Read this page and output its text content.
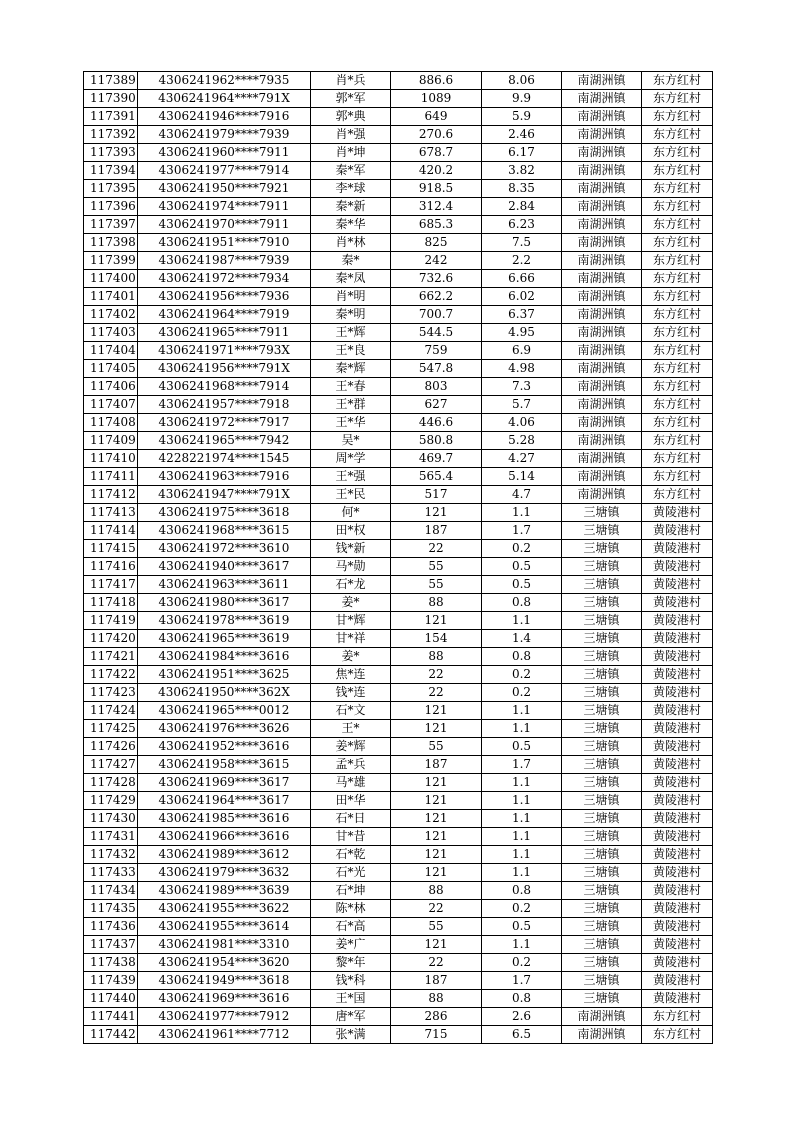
117389	4306241962****7935	肖*兵	886.6	8.06	南湖洲镇	东方红村
117390	4306241964****791X	郭*军	1089	9.9	南湖洲镇	东方红村
117391	4306241946****7916	郭*典	649	5.9	南湖洲镇	东方红村
117392	4306241979****7939	肖*强	270.6	2.46	南湖洲镇	东方红村
117393	4306241960****7911	肖*坤	678.7	6.17	南湖洲镇	东方红村
117394	4306241977****7914	秦*军	420.2	3.82	南湖洲镇	东方红村
117395	4306241950****7921	李*球	918.5	8.35	南湖洲镇	东方红村
117396	4306241974****7911	秦*新	312.4	2.84	南湖洲镇	东方红村
117397	4306241970****7911	秦*华	685.3	6.23	南湖洲镇	东方红村
117398	4306241951****7910	肖*林	825	7.5	南湖洲镇	东方红村
117399	4306241987****7939	秦*	242	2.2	南湖洲镇	东方红村
117400	4306241972****7934	秦*凤	732.6	6.66	南湖洲镇	东方红村
117401	4306241956****7936	肖*明	662.2	6.02	南湖洲镇	东方红村
117402	4306241964****7919	秦*明	700.7	6.37	南湖洲镇	东方红村
117403	4306241965****7911	王*辉	544.5	4.95	南湖洲镇	东方红村
117404	4306241971****793X	王*良	759	6.9	南湖洲镇	东方红村
117405	4306241956****791X	秦*辉	547.8	4.98	南湖洲镇	东方红村
117406	4306241968****7914	王*春	803	7.3	南湖洲镇	东方红村
117407	4306241957****7918	王*群	627	5.7	南湖洲镇	东方红村
117408	4306241972****7917	王*华	446.6	4.06	南湖洲镇	东方红村
117409	4306241965****7942	吴*	580.8	5.28	南湖洲镇	东方红村
117410	4228221974****1545	周*学	469.7	4.27	南湖洲镇	东方红村
117411	4306241963****7916	王*强	565.4	5.14	南湖洲镇	东方红村
117412	4306241947****791X	王*民	517	4.7	南湖洲镇	东方红村
117413	4306241975****3618	何*	121	1.1	三塘镇	黄陵港村
117414	4306241968****3615	田*权	187	1.7	三塘镇	黄陵港村
117415	4306241972****3610	钱*新	22	0.2	三塘镇	黄陵港村
117416	4306241940****3617	马*勋	55	0.5	三塘镇	黄陵港村
117417	4306241963****3611	石*龙	55	0.5	三塘镇	黄陵港村
117418	4306241980****3617	姜*	88	0.8	三塘镇	黄陵港村
117419	4306241978****3619	甘*辉	121	1.1	三塘镇	黄陵港村
117420	4306241965****3619	甘*祥	154	1.4	三塘镇	黄陵港村
117421	4306241984****3616	姜*	88	0.8	三塘镇	黄陵港村
117422	4306241951****3625	焦*连	22	0.2	三塘镇	黄陵港村
117423	4306241950****362X	钱*连	22	0.2	三塘镇	黄陵港村
117424	4306241965****0012	石*文	121	1.1	三塘镇	黄陵港村
117425	4306241976****3626	王*	121	1.1	三塘镇	黄陵港村
117426	4306241952****3616	姜*辉	55	0.5	三塘镇	黄陵港村
117427	4306241958****3615	孟*兵	187	1.7	三塘镇	黄陵港村
117428	4306241969****3617	马*雄	121	1.1	三塘镇	黄陵港村
117429	4306241964****3617	田*华	121	1.1	三塘镇	黄陵港村
117430	4306241985****3616	石*日	121	1.1	三塘镇	黄陵港村
117431	4306241966****3616	甘*昔	121	1.1	三塘镇	黄陵港村
117432	4306241989****3612	石*乾	121	1.1	三塘镇	黄陵港村
117433	4306241979****3632	石*光	121	1.1	三塘镇	黄陵港村
117434	4306241989****3639	石*坤	88	0.8	三塘镇	黄陵港村
117435	4306241955****3622	陈*林	22	0.2	三塘镇	黄陵港村
117436	4306241955****3614	石*高	55	0.5	三塘镇	黄陵港村
117437	4306241981****3310	姜*广	121	1.1	三塘镇	黄陵港村
117438	4306241954****3620	黎*年	22	0.2	三塘镇	黄陵港村
117439	4306241949****3618	钱*科	187	1.7	三塘镇	黄陵港村
117440	4306241969****3616	王*国	88	0.8	三塘镇	黄陵港村
117441	4306241977****7912	唐*军	286	2.6	南湖洲镇	东方红村
117442	4306241961****7712	张*满	715	6.5	南湖洲镇	东方红村
